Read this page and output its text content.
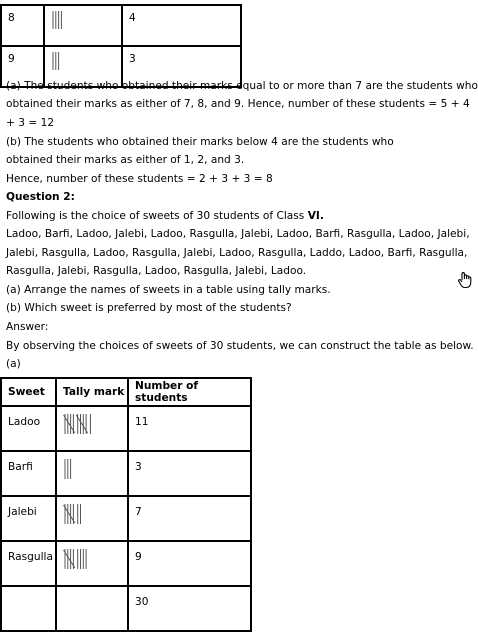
8		4
9		3
(a) The students who obtained their marks equal to or more than 7 are the students who
obtained their marks as either of 7, 8, and 9. Hence, number of these students = 5 + 4
+ 3 = 12
(b) The students who obtained their marks below 4 are the students who
obtained their marks as either of 1, 2, and 3.
Hence, number of these students = 2 + 3 + 3 = 8
Question 2:
Following is the choice of sweets of 30 students of Class VI.
Ladoo, Barfi, Ladoo, Jalebi, Ladoo, Rasgulla, Jalebi, Ladoo, Barfi, Rasgulla, Ladoo, Jalebi,
Jalebi, Rasgulla, Ladoo, Rasgulla, Jalebi, Ladoo, Rasgulla, Laddo, Ladoo, Barfi, Rasgulla,
Rasgulla, Jalebi, Rasgulla, Ladoo, Rasgulla, Jalebi, Ladoo.
(a) Arrange the names of sweets in a table using tally marks.
(b) Which sweet is preferred by most of the students?
Answer:
By observing the choices of sweets of 30 students, we can construct the table as below.
(a)
Sweet	Tally mark	Number of students
Ladoo		11
Barfi		3
Jalebi		7
Rasgulla		9
		30
